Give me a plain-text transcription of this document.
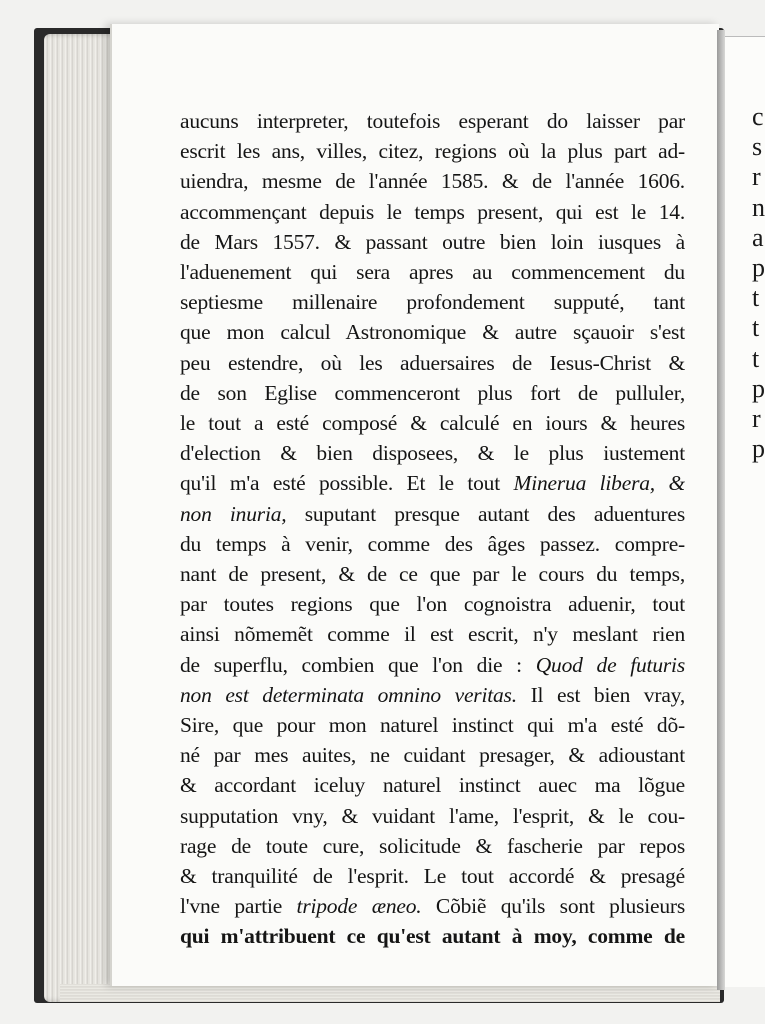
c
s
r
n
a
p
t
t
t
p
r
p
aucuns interpreter, toutefois esperant do laisser par
escrit les ans, villes, citez, regions où la plus part ad-
uiendra, mesme de l'année 1585. & de l'année 1606.
accommençant depuis le temps present, qui est le 14.
de Mars 1557. & passant outre bien loin iusques à
l'aduenement qui sera apres au commencement du
septiesme millenaire profondement supputé, tant
que mon calcul Astronomique & autre sçauoir s'est
peu estendre, où les aduersaires de Iesus-Christ &
de son Eglise commenceront plus fort de pulluler,
le tout a esté composé & calculé en iours & heures
d'election & bien disposees, & le plus iustement
qu'il m'a esté possible. Et le tout Minerua libera, &
non inuria, suputant presque autant des aduentures
du temps à venir, comme des âges passez. compre-
nant de present, & de ce que par le cours du temps,
par toutes regions que l'on cognoistra aduenir, tout
ainsi nõmemẽt comme il est escrit, n'y meslant rien
de superflu, combien que l'on die : Quod de futuris
non est determinata omnino veritas. Il est bien vray,
Sire, que pour mon naturel instinct qui m'a esté dõ-
né par mes auites, ne cuidant presager, & adioustant
& accordant iceluy naturel instinct auec ma lõgue
supputation vny, & vuidant l'ame, l'esprit, & le cou-
rage de toute cure, solicitude & fascherie par repos
& tranquilité de l'esprit. Le tout accordé & presagé
l'vne partie tripode æneo. Cõbiẽ qu'ils sont plusieurs
qui m'attribuent ce qu'est autant à moy, comme de
